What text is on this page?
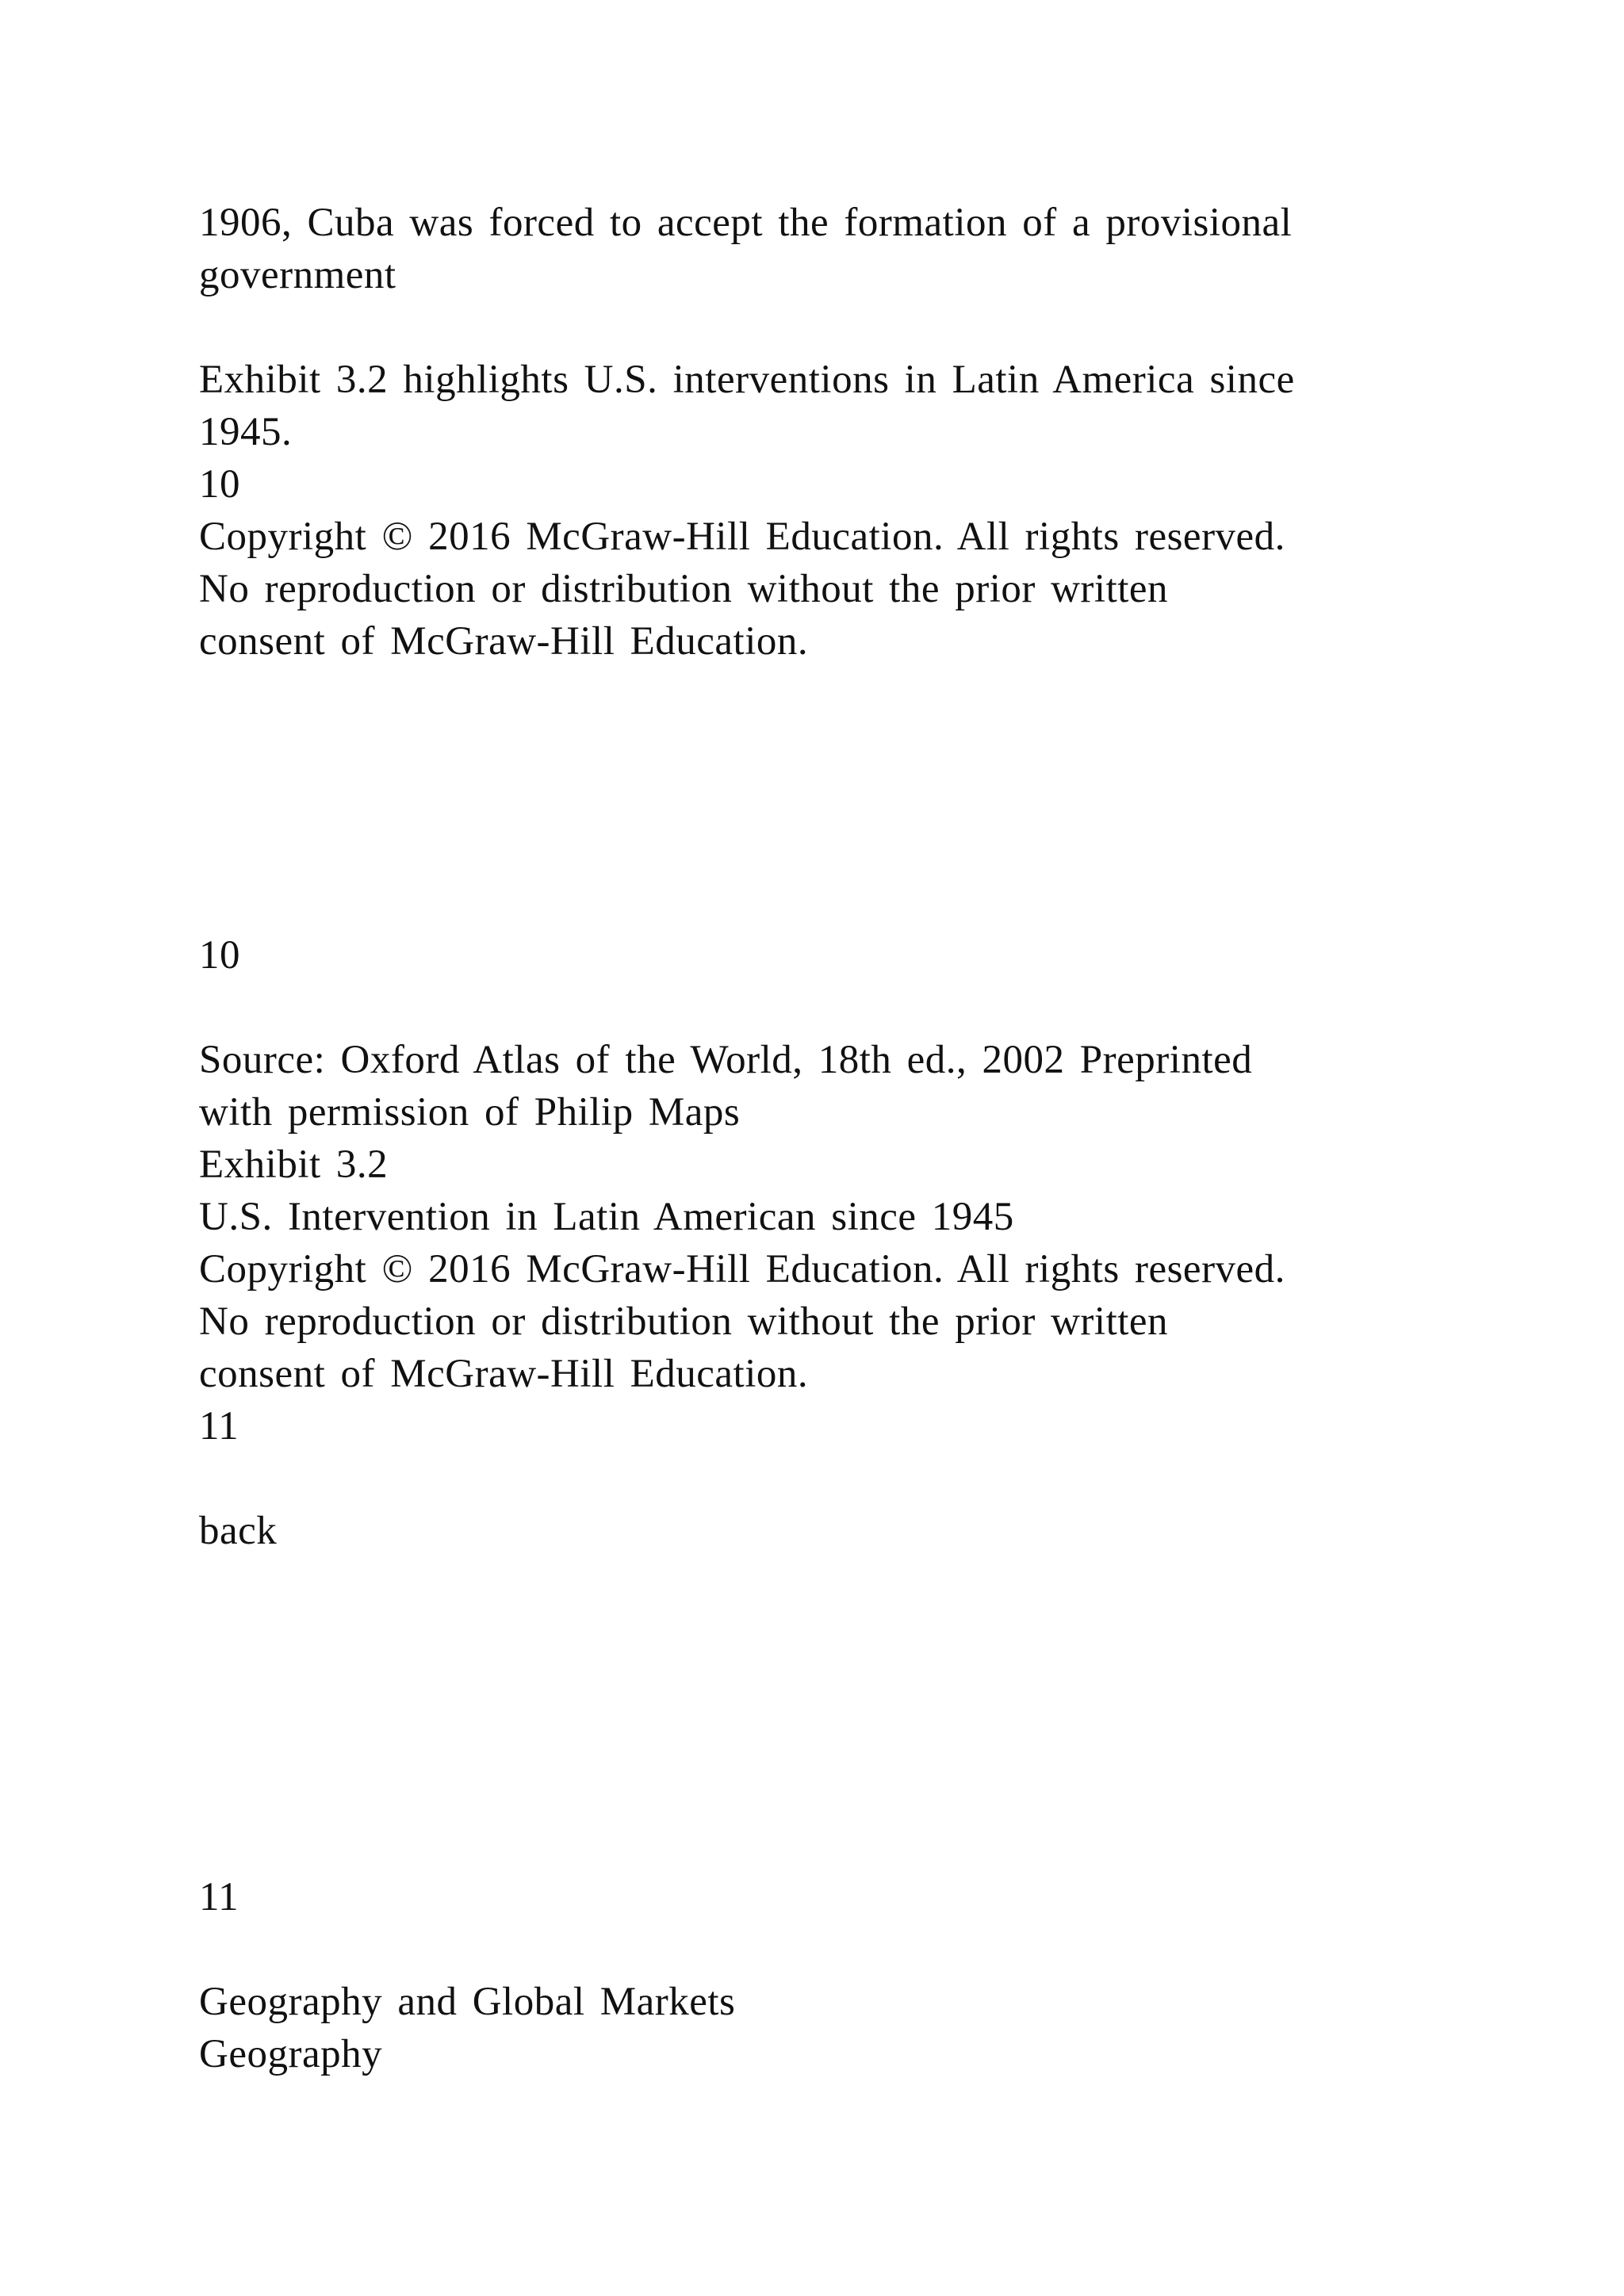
1906, Cuba was forced to accept the formation of a provisional
government
Exhibit 3.2 highlights U.S. interventions in Latin America since
1945.
10
Copyright © 2016 McGraw-Hill Education. All rights reserved.
No reproduction or distribution without the prior written
consent of McGraw-Hill Education.
10
Source: Oxford Atlas of the World, 18th ed., 2002 Preprinted
with permission of Philip Maps
Exhibit 3.2
U.S. Intervention in Latin American since 1945
Copyright © 2016 McGraw-Hill Education. All rights reserved.
No reproduction or distribution without the prior written
consent of McGraw-Hill Education.
11
back
11
Geography and Global Markets
Geography
